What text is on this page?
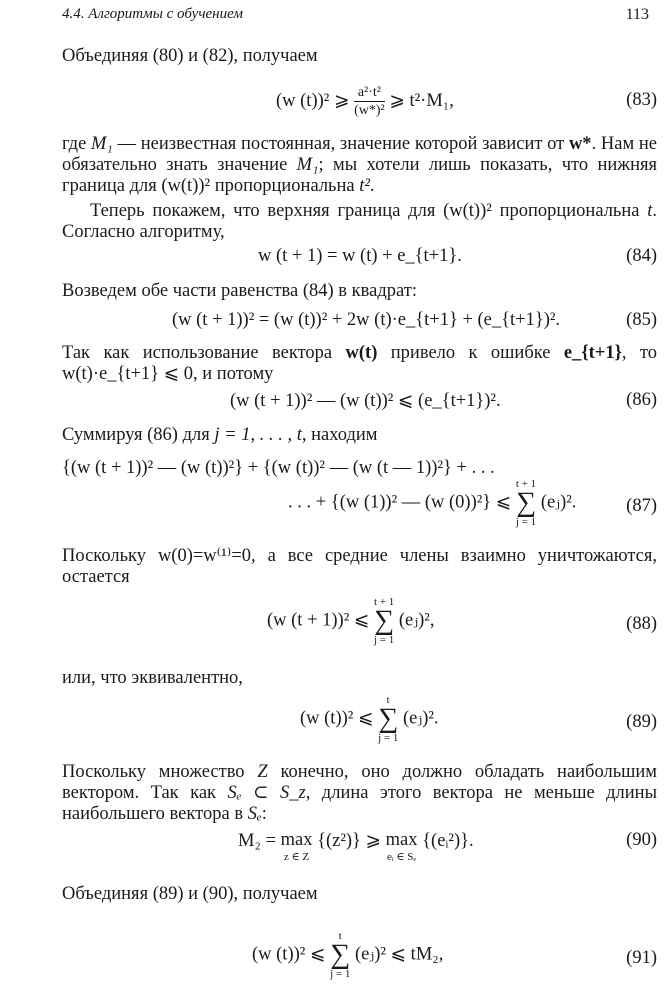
4.4. Алгоритмы с обучением	113

Объединяя (80) и (82), получаем

(w (t))² ⩾ $\frac{\text{a²·t²}}{\text{(w*)²}}$ ⩾ t²·M₁,	(83)

где M₁ — неизвестная постоянная, значение которой зависит от w*. Нам не обязательно знать значение M₁; мы хотели лишь показать, что нижняя граница для (w(t))² пропорциональна t².

Теперь покажем, что верхняя граница для (w(t))² пропорциональна t. Согласно алгоритму,

w (t + 1) = w (t) + e_{t+1}.	(84)

Возведем обе части равенства (84) в квадрат:

(w (t + 1))² = (w (t))² + 2w (t)·e_{t+1} + (e_{t+1})².	(85)

Так как использование вектора w(t) привело к ошибке e_{t+1}, то w(t)·e_{t+1} ⩽ 0, и потому

(w (t + 1))² — (w (t))² ⩽ (e_{t+1})².	(86)

Суммируя (86) для j = 1, . . . , t, находим

{(w (t + 1))² — (w (t))²} + {(w (t))² — (w (t — 1))²} + . . .
. . . + {(w (1))² — (w (0))²} ⩽
t + 1
∑
j = 1
(eⱼ)².	(87)

Поскольку w(0)=w⁽¹⁾=0, а все средние члены взаимно уничтожаются, остается

(w (t + 1))² ⩽
t + 1
∑
j = 1
(eⱼ)²,	(88)

или, что эквивалентно,

(w (t))² ⩽
t
∑
j = 1
(eⱼ)².	(89)

Поскольку множество Z конечно, оно должно обладать наибольшим вектором. Так как Sₑ ⊂ S_z, длина этого вектора не меньше длины наибольшего вектора в Sₑ:

M₂ = max
z ∈ Z
{(z²)} ⩾ max
eᵢ ∈ Sₑ
{(eᵢ²)}.	(90)

Объединяя (89) и (90), получаем

(w (t))² ⩽
t
∑
j = 1
(eⱼ)² ⩽ tM₂,	(91)
